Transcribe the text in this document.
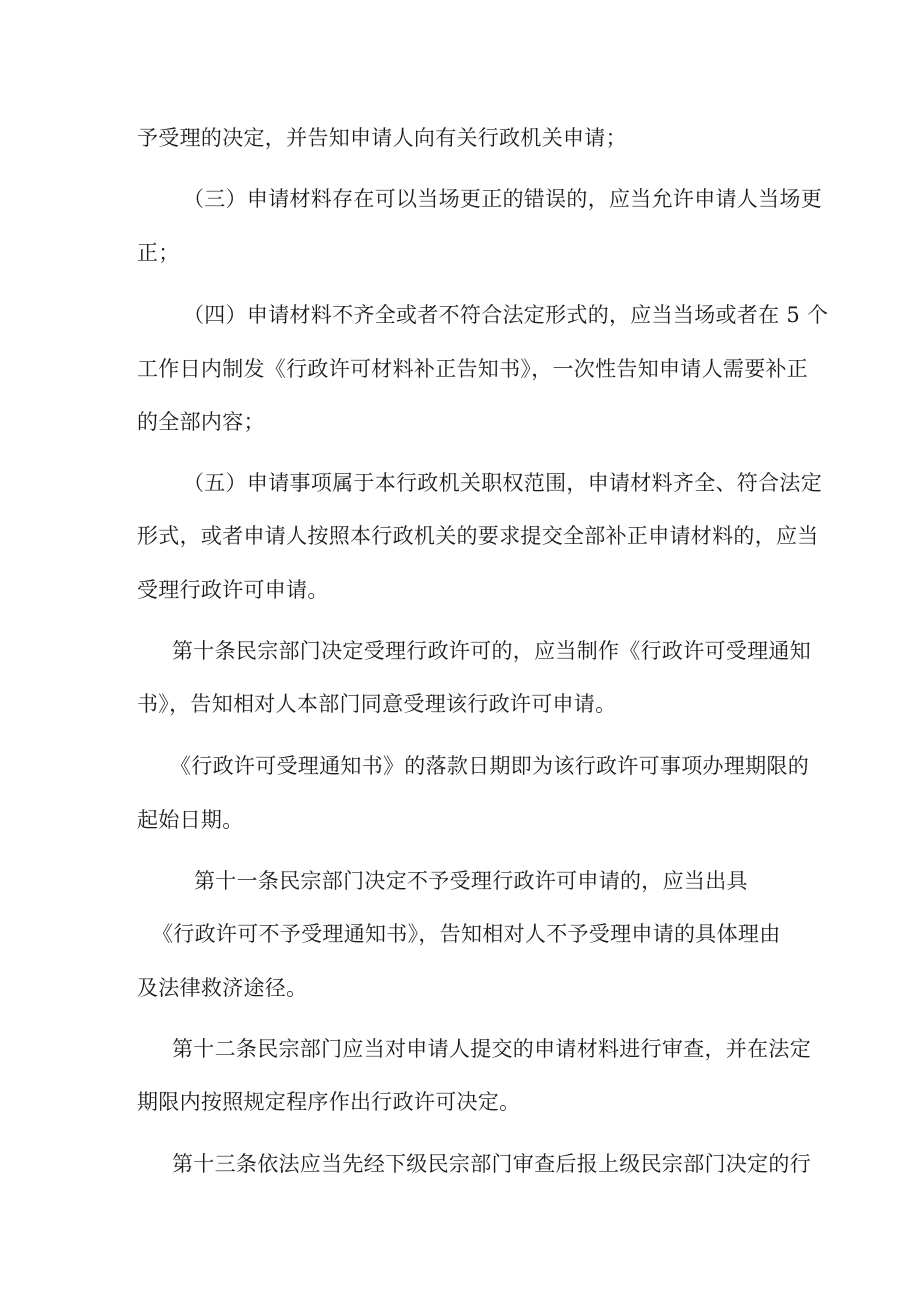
予受理的决定，并告知申请人向有关行政机关申请；
（三）申请材料存在可以当场更正的错误的，应当允许申请人当场更
正；
（四）申请材料不齐全或者不符合法定形式的，应当当场或者在 5 个
工作日内制发《行政许可材料补正告知书》，一次性告知申请人需要补正
的全部内容；
（五）申请事项属于本行政机关职权范围，申请材料齐全、符合法定
形式，或者申请人按照本行政机关的要求提交全部补正申请材料的，应当
受理行政许可申请。
第十条民宗部门决定受理行政许可的，应当制作《行政许可受理通知
书》，告知相对人本部门同意受理该行政许可申请。
《行政许可受理通知书》的落款日期即为该行政许可事项办理期限的
起始日期。
第十一条民宗部门决定不予受理行政许可申请的，应当出具
《行政许可不予受理通知书》，告知相对人不予受理申请的具体理由
及法律救济途径。
第十二条民宗部门应当对申请人提交的申请材料进行审查，并在法定
期限内按照规定程序作出行政许可决定。
第十三条依法应当先经下级民宗部门审查后报上级民宗部门决定的行
